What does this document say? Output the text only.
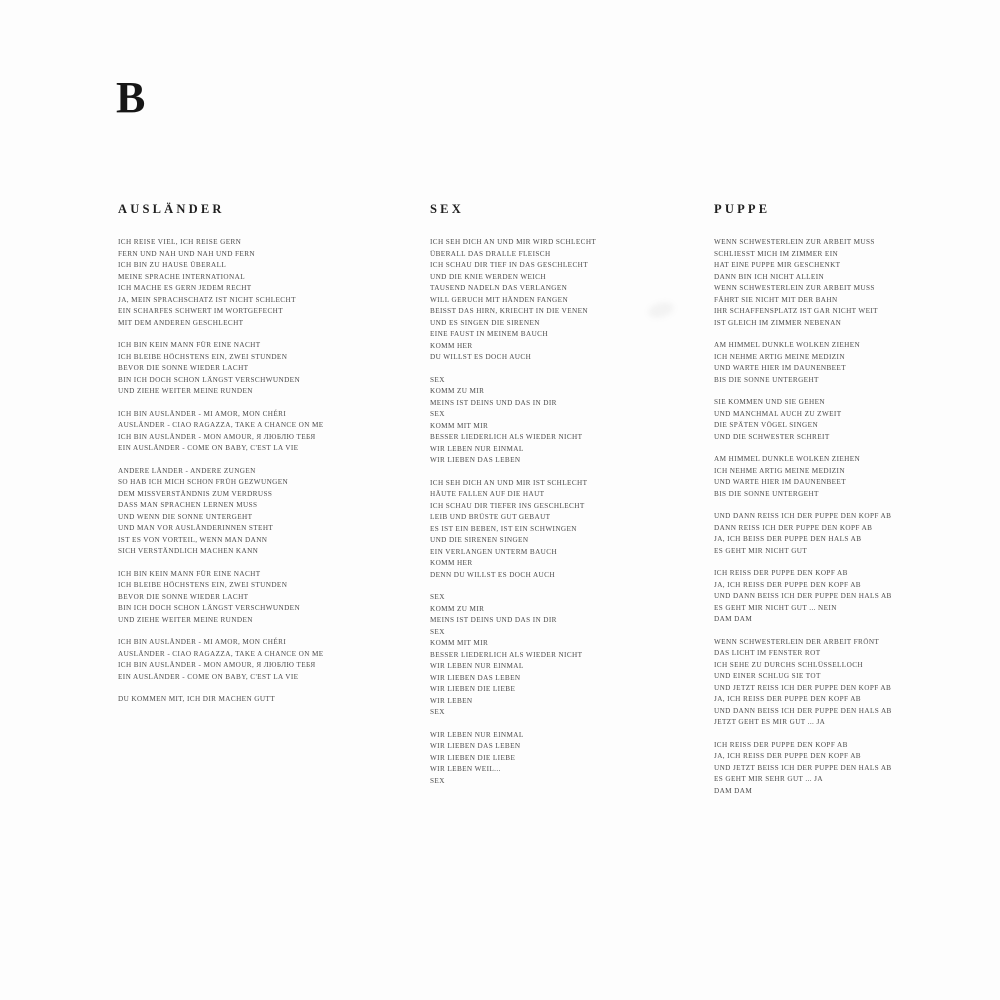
B
AUSLÄNDER

ICH REISE VIEL, ICH REISE GERN
FERN UND NAH UND NAH UND FERN
ICH BIN ZU HAUSE ÜBERALL
MEINE SPRACHE INTERNATIONAL
ICH MACHE ES GERN JEDEM RECHT
JA, MEIN SPRACHSCHATZ IST NICHT SCHLECHT
EIN SCHARFES SCHWERT IM WORTGEFECHT
MIT DEM ANDEREN GESCHLECHT

ICH BIN KEIN MANN FÜR EINE NACHT
ICH BLEIBE HÖCHSTENS EIN, ZWEI STUNDEN
BEVOR DIE SONNE WIEDER LACHT
BIN ICH DOCH SCHON LÄNGST VERSCHWUNDEN
UND ZIEHE WEITER MEINE RUNDEN

ICH BIN AUSLÄNDER - MI AMOR, MON CHÉRI
AUSLÄNDER - CIAO RAGAZZA, TAKE A CHANCE ON ME
ICH BIN AUSLÄNDER - MON AMOUR, Я ЛЮБЛЮ ТЕБЯ
EIN AUSLÄNDER - COME ON BABY, C'EST LA VIE

ANDERE LÄNDER - ANDERE ZUNGEN
SO HAB ICH MICH SCHON FRÜH GEZWUNGEN
DEM MISSVERSTÄNDNIS ZUM VERDRUSS
DASS MAN SPRACHEN LERNEN MUSS
UND WENN DIE SONNE UNTERGEHT
UND MAN VOR AUSLÄNDERINNEN STEHT
IST ES VON VORTEIL, WENN MAN DANN
SICH VERSTÄNDLICH MACHEN KANN

ICH BIN KEIN MANN FÜR EINE NACHT
ICH BLEIBE HÖCHSTENS EIN, ZWEI STUNDEN
BEVOR DIE SONNE WIEDER LACHT
BIN ICH DOCH SCHON LÄNGST VERSCHWUNDEN
UND ZIEHE WEITER MEINE RUNDEN

ICH BIN AUSLÄNDER - MI AMOR, MON CHÉRI
AUSLÄNDER - CIAO RAGAZZA, TAKE A CHANCE ON ME
ICH BIN AUSLÄNDER - MON AMOUR, Я ЛЮБЛЮ ТЕБЯ
EIN AUSLÄNDER - COME ON BABY, C'EST LA VIE

DU KOMMEN MIT, ICH DIR MACHEN GUTT

SEX

ICH SEH DICH AN UND MIR WIRD SCHLECHT
ÜBERALL DAS DRALLE FLEISCH
ICH SCHAU DIR TIEF IN DAS GESCHLECHT
UND DIE KNIE WERDEN WEICH
TAUSEND NADELN DAS VERLANGEN
WILL GERUCH MIT HÄNDEN FANGEN
BEISST DAS HIRN, KRIECHT IN DIE VENEN
UND ES SINGEN DIE SIRENEN
EINE FAUST IN MEINEM BAUCH
KOMM HER
DU WILLST ES DOCH AUCH

SEX
KOMM ZU MIR
MEINS IST DEINS UND DAS IN DIR
SEX
KOMM MIT MIR
BESSER LIEDERLICH ALS WIEDER NICHT
WIR LEBEN NUR EINMAL
WIR LIEBEN DAS LEBEN

ICH SEH DICH AN UND MIR IST SCHLECHT
HÄUTE FALLEN AUF DIE HAUT
ICH SCHAU DIR TIEFER INS GESCHLECHT
LEIB UND BRÜSTE GUT GEBAUT
ES IST EIN BEBEN, IST EIN SCHWINGEN
UND DIE SIRENEN SINGEN
EIN VERLANGEN UNTERM BAUCH
KOMM HER
DENN DU WILLST ES DOCH AUCH

SEX
KOMM ZU MIR
MEINS IST DEINS UND DAS IN DIR
SEX
KOMM MIT MIR
BESSER LIEDERLICH ALS WIEDER NICHT
WIR LEBEN NUR EINMAL
WIR LIEBEN DAS LEBEN
WIR LIEBEN DIE LIEBE
WIR LEBEN
SEX

WIR LEBEN NUR EINMAL
WIR LIEBEN DAS LEBEN
WIR LIEBEN DIE LIEBE
WIR LEBEN WEIL...
SEX

PUPPE

WENN SCHWESTERLEIN ZUR ARBEIT MUSS
SCHLIESST MICH IM ZIMMER EIN
HAT EINE PUPPE MIR GESCHENKT
DANN BIN ICH NICHT ALLEIN
WENN SCHWESTERLEIN ZUR ARBEIT MUSS
FÄHRT SIE NICHT MIT DER BAHN
IHR SCHAFFENSPLATZ IST GAR NICHT WEIT
IST GLEICH IM ZIMMER NEBENAN

AM HIMMEL DUNKLE WOLKEN ZIEHEN
ICH NEHME ARTIG MEINE MEDIZIN
UND WARTE HIER IM DAUNENBEET
BIS DIE SONNE UNTERGEHT

SIE KOMMEN UND SIE GEHEN
UND MANCHMAL AUCH ZU ZWEIT
DIE SPÄTEN VÖGEL SINGEN
UND DIE SCHWESTER SCHREIT

AM HIMMEL DUNKLE WOLKEN ZIEHEN
ICH NEHME ARTIG MEINE MEDIZIN
UND WARTE HIER IM DAUNENBEET
BIS DIE SONNE UNTERGEHT

UND DANN REISS ICH DER PUPPE DEN KOPF AB
DANN REISS ICH DER PUPPE DEN KOPF AB
JA, ICH BEISS DER PUPPE DEN HALS AB
ES GEHT MIR NICHT GUT

ICH REISS DER PUPPE DEN KOPF AB
JA, ICH REISS DER PUPPE DEN KOPF AB
UND DANN BEISS ICH DER PUPPE DEN HALS AB
ES GEHT MIR NICHT GUT ... NEIN
DAM DAM

WENN SCHWESTERLEIN DER ARBEIT FRÖNT
DAS LICHT IM FENSTER ROT
ICH SEHE ZU DURCHS SCHLÜSSELLOCH
UND EINER SCHLUG SIE TOT
UND JETZT REISS ICH DER PUPPE DEN KOPF AB
JA, ICH REISS DER PUPPE DEN KOPF AB
UND DANN BEISS ICH DER PUPPE DEN HALS AB
JETZT GEHT ES MIR GUT ... JA

ICH REISS DER PUPPE DEN KOPF AB
JA, ICH REISS DER PUPPE DEN KOPF AB
UND JETZT BEISS ICH DER PUPPE DEN HALS AB
ES GEHT MIR SEHR GUT ... JA
DAM DAM
